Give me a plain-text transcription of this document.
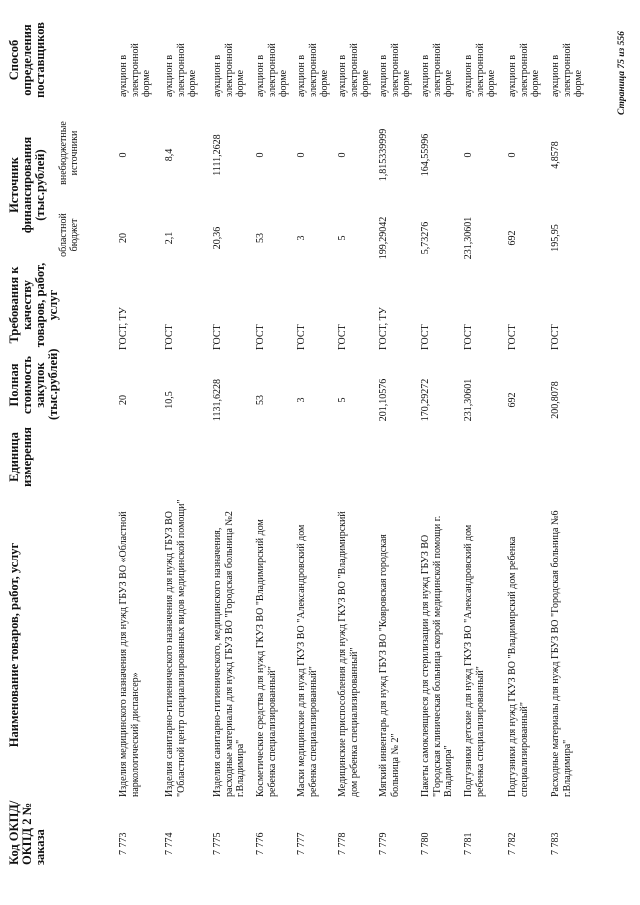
Код ОКПД/ ОКПД 2 № заказа
Наименование товаров, работ, услуг
Единица измерения
Полная стоимость закупок (тыс.рублей)
Требования к качеству товаров, работ, услуг
Источник финансирования (тыс.рублей)
областной бюджет
внебюджетные источники
Способ определения поставщиков
7 773
Изделия медицинского назначения для нужд ГБУЗ ВО «Областной наркологический диспансер»
20
ГОСТ, ТУ
20
0
аукцион в электронной форме
7 774
Изделия санитарно-гигиенического назначения для нужд ГБУЗ ВО "Областной центр специализированных видов медицинской помощи"
10,5
ГОСТ
2,1
8,4
аукцион в электронной форме
7 775
Изделия санитарно-гигиенического, медицинского назначения, расходные материалы для нужд ГБУЗ ВО "Городская больница №2 г.Владимира"
1131,6228
ГОСТ
20,36
1111,2628
аукцион в электронной форме
7 776
Косметические средства для нужд ГКУЗ ВО "Владимирский дом ребенка специализированный"
53
ГОСТ
53
0
аукцион в электронной форме
7 777
Маски медицинские для нужд ГКУЗ ВО "Александровский дом ребенка специализированный"
3
ГОСТ
3
0
аукцион в электронной форме
7 778
Медицинские приспособления для нужд ГКУЗ ВО "Владимирский дом ребенка специализированный"
5
ГОСТ
5
0
аукцион в электронной форме
7 779
Мягкий инвентарь для нужд ГБУЗ ВО "Ковровская городская больница № 2"
201,10576
ГОСТ, ТУ
199,29042
1,815339999
аукцион в электронной форме
7 780
Пакеты самоклеящиеся для стерилизации для нужд ГБУЗ ВО "Городская клиническая больница скорой медицинской помощи г. Владимира"
170,29272
ГОСТ
5,73276
164,55996
аукцион в электронной форме
7 781
Подгузники детские для нужд ГКУЗ ВО "Александровский дом ребенка специализированный"
231,30601
ГОСТ
231,30601
0
аукцион в электронной форме
7 782
Подгузники для нужд ГКУЗ ВО "Владимирский дом ребенка специализированный"
692
ГОСТ
692
0
аукцион в электронной форме
7 783
Расходные материалы для нужд ГБУЗ ВО "Городская больница №6 г.Владимира"
200,8078
ГОСТ
195,95
4,8578
аукцион в электронной форме	Страница 75 из 556
